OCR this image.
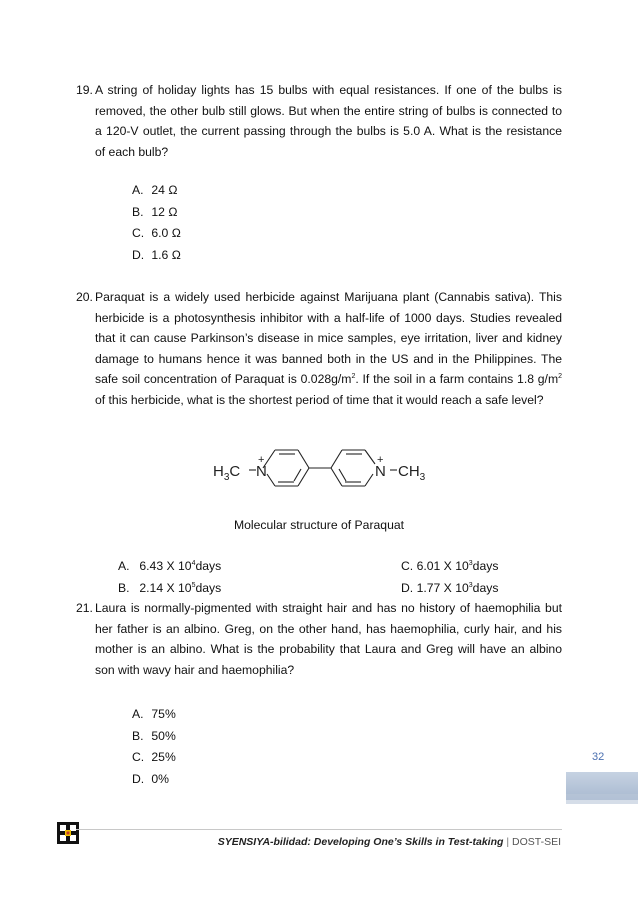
19. A string of holiday lights has 15 bulbs with equal resistances. If one of the bulbs is removed, the other bulb still glows. But when the entire string of bulbs is connected to a 120-V outlet, the current passing through the bulbs is 5.0 A. What is the resistance of each bulb?
A. 24 Ω
B. 12 Ω
C. 6.0 Ω
D. 1.6 Ω
20. Paraquat is a widely used herbicide against Marijuana plant (Cannabis sativa). This herbicide is a photosynthesis inhibitor with a half-life of 1000 days. Studies revealed that it can cause Parkinson’s disease in mice samples, eye irritation, liver and kidney damage to humans hence it was banned both in the US and in the Philippines. The safe soil concentration of Paraquat is $0.028g/m^2$. If the soil in a farm contains 1.8 $g/m^2$ of this herbicide, what is the shortest period of time that it would reach a safe level?
$H_3C$ N
+
N
+
$CH_3$
Molecular structure of Paraquat
A. 6.43 X $10^4days$
B. 2.14 X $10^5days$
C. 6.01 X $10^3days$
D. 1.77 X $10^3days$
21. Laura is normally-pigmented with straight hair and has no history of haemophilia but her father is an albino. Greg, on the other hand, has haemophilia, curly hair, and his mother is an albino. What is the probability that Laura and Greg will have an albino son with wavy hair and haemophilia?
A. 75%
B. 50%
C. 25%
D. 0%
32
SYENSIYA-bilidad: Developing One’s Skills in Test-taking | DOST-SEI
